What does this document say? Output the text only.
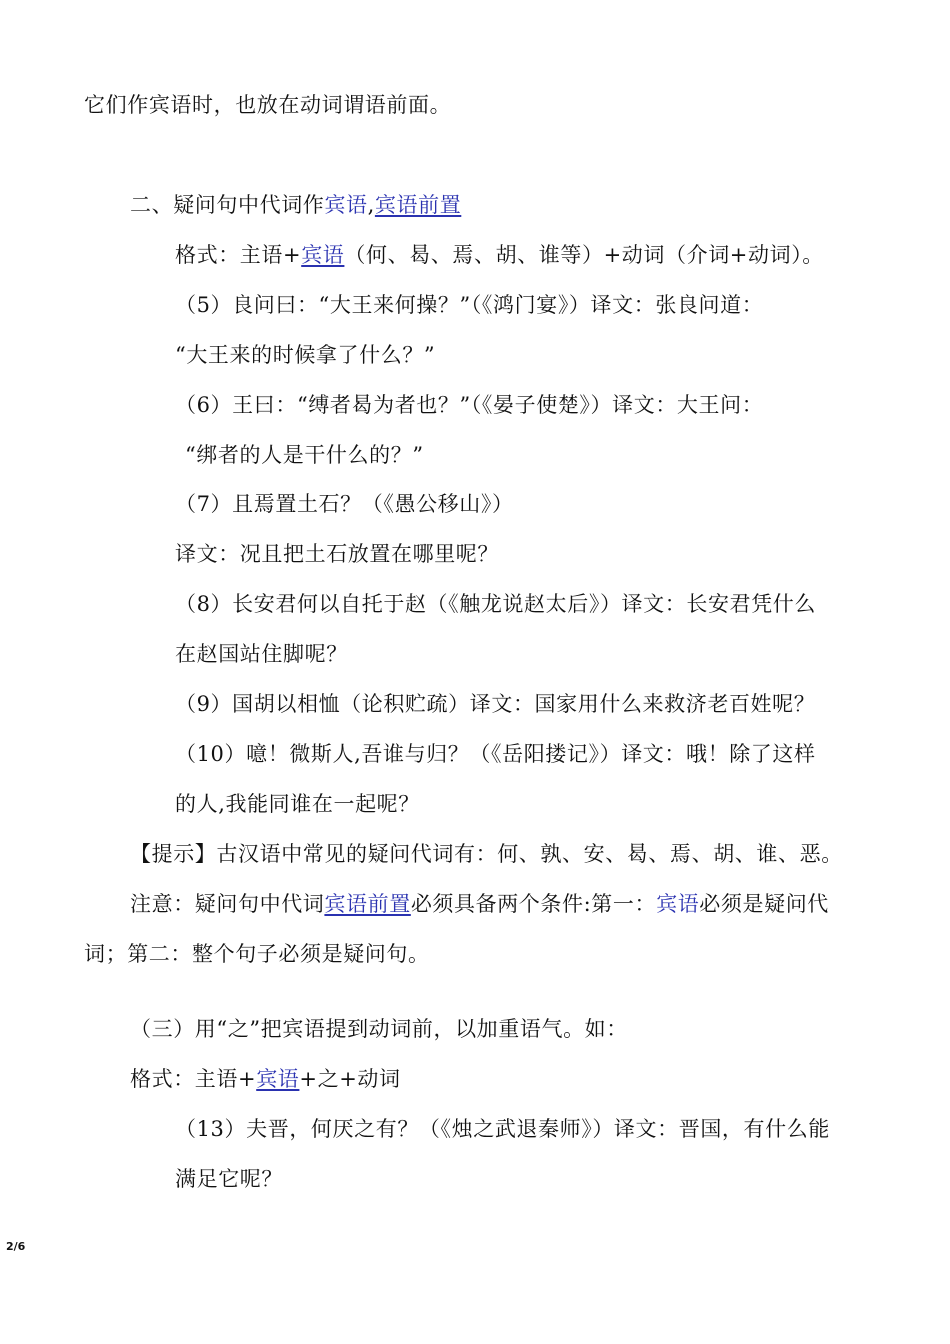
它们作宾语时，也放在动词谓语前面。

二、疑问句中代词作宾语,宾语前置

格式：主语+宾语（何、曷、焉、胡、谁等）+动词（介词+动词）。

（5）良问曰：“大王来何操？”（《鸿门宴》）译文：张良问道：

“大王来的时候拿了什么？”

（6）王曰：“缚者曷为者也？”（《晏子使楚》）译文：大王问：

“绑者的人是干什么的？”

（7）且焉置土石？（《愚公移山》）

译文：况且把土石放置在哪里呢？

（8）长安君何以自托于赵（《触龙说赵太后》）译文：长安君凭什么

在赵国站住脚呢？

（9）国胡以相恤（论积贮疏）译文：国家用什么来救济老百姓呢？

（10）噫！微斯人,吾谁与归？（《岳阳搂记》）译文：哦！除了这样

的人,我能同谁在一起呢？

【提示】古汉语中常见的疑问代词有：何、孰、安、曷、焉、胡、谁、恶。

注意：疑问句中代词宾语前置必须具备两个条件:第一：宾语必须是疑问代

词；第二：整个句子必须是疑问句。

（三）用“之”把宾语提到动词前，以加重语气。如：

格式：主语+宾语+之+动词

（13）夫晋，何厌之有？（《烛之武退秦师》）译文：晋国，有什么能

满足它呢？

2/6
